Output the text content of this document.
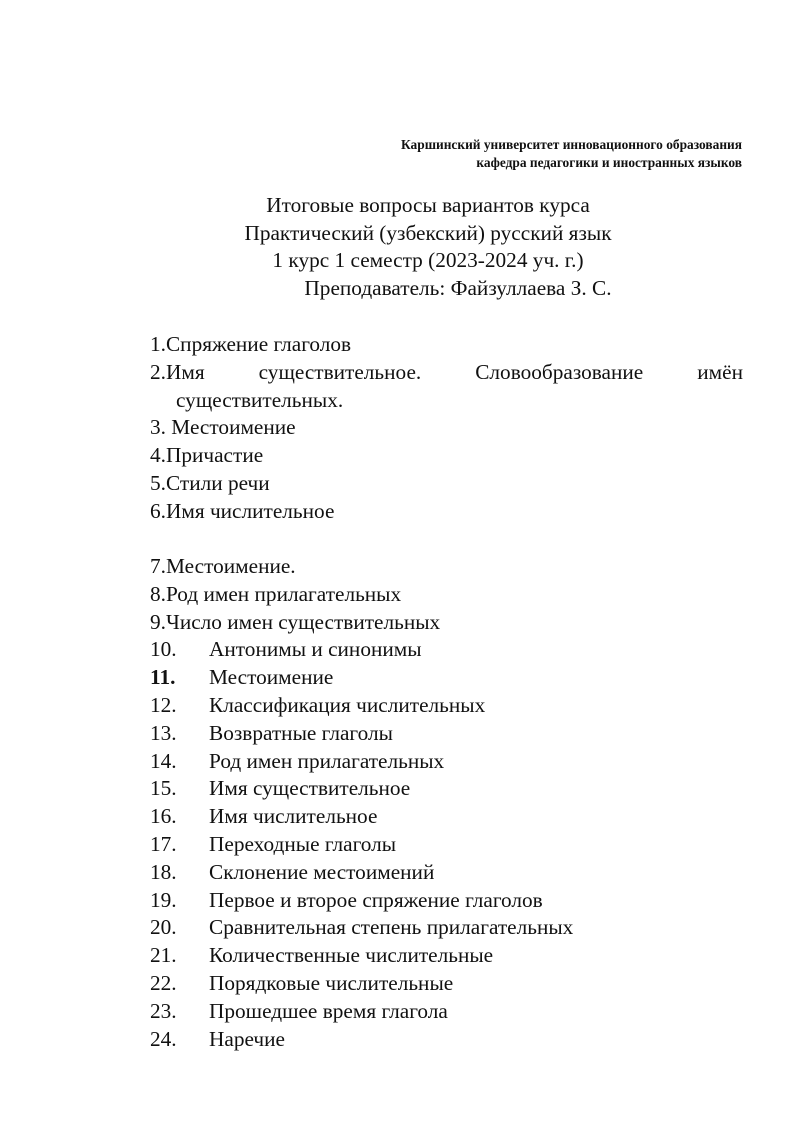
Каршинский университет инновационного образования
кафедра педагогики и иностранных языков
Итоговые вопросы вариантов курса
Практический (узбекский) русский язык
1 курс 1 семестр (2023-2024 уч. г.)
Преподаватель: Файзуллаева З. С.
1.Спряжение глаголов
2.Имя	существительное.	Словообразование	имён
существительных.
3. Местоимение
4.Причастие
5.Стили речи
6.Имя числительное
7.Местоимение.
8.Род имен прилагательных
9.Число имен существительных
10. Антонимы и синонимы
11. Местоимение
12. Классификация числительных
13. Возвратные глаголы
14. Род имен прилагательных
15. Имя существительное
16. Имя числительное
17. Переходные глаголы
18. Склонение местоимений
19. Первое и второе спряжение глаголов
20. Сравнительная степень прилагательных
21. Количественные числительные
22. Порядковые числительные
23. Прошедшее время глагола
24. Наречие
